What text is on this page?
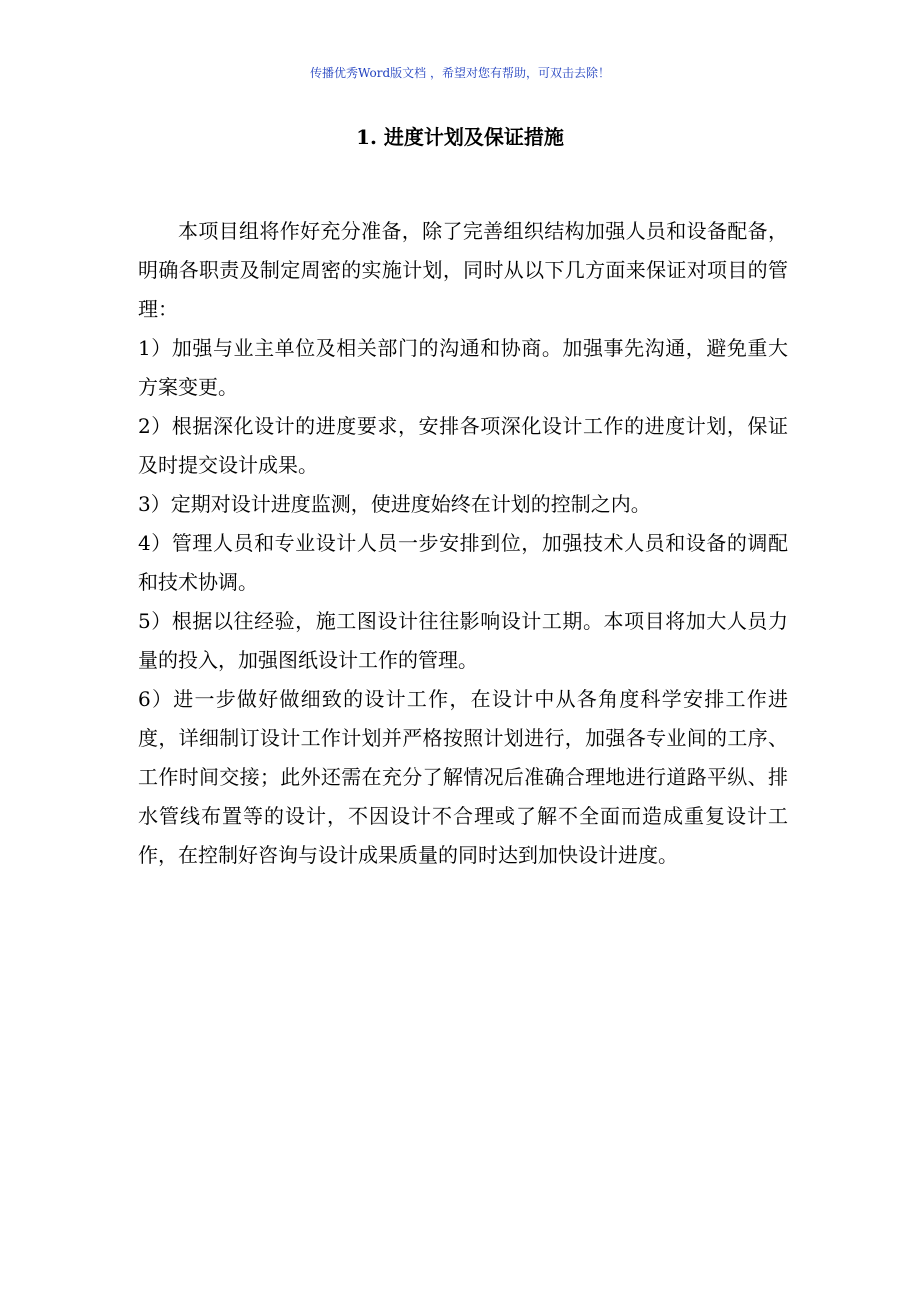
传播优秀Word版文档 ，希望对您有帮助，可双击去除！
1. 进度计划及保证措施

本项目组将作好充分准备，除了完善组织结构加强人员和设备配备，明确各职责及制定周密的实施计划，同时从以下几方面来保证对项目的管理：

1）加强与业主单位及相关部门的沟通和协商。加强事先沟通，避免重大方案变更。

2）根据深化设计的进度要求，安排各项深化设计工作的进度计划，保证及时提交设计成果。

3）定期对设计进度监测，使进度始终在计划的控制之内。

4）管理人员和专业设计人员一步安排到位，加强技术人员和设备的调配和技术协调。

5）根据以往经验，施工图设计往往影响设计工期。本项目将加大人员力量的投入，加强图纸设计工作的管理。

6）进一步做好做细致的设计工作，在设计中从各角度科学安排工作进度，详细制订设计工作计划并严格按照计划进行，加强各专业间的工序、工作时间交接；此外还需在充分了解情况后准确合理地进行道路平纵、排水管线布置等的设计，不因设计不合理或了解不全面而造成重复设计工作，在控制好咨询与设计成果质量的同时达到加快设计进度。
